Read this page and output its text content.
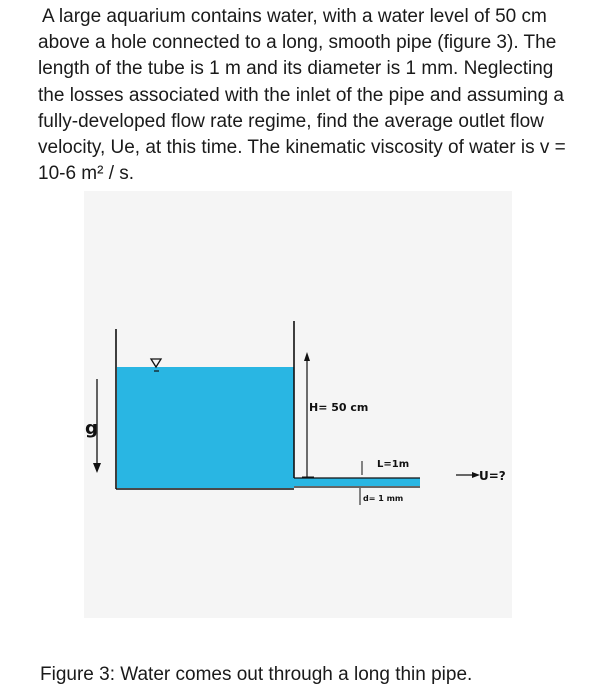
A large aquarium contains water, with a water level of 50 cm above a hole connected to a long, smooth pipe (figure 3). The length of the tube is 1 m and its diameter is 1 mm. Neglecting the losses associated with the inlet of the pipe and assuming a fully-developed flow rate regime, find the average outlet flow velocity, Ue, at this time. The kinematic viscosity of water is v = 10-6 m² / s.

g
H= 50 cm
L=1m
d= 1 mm
U=?

Figure 3: Water comes out through a long thin pipe.
